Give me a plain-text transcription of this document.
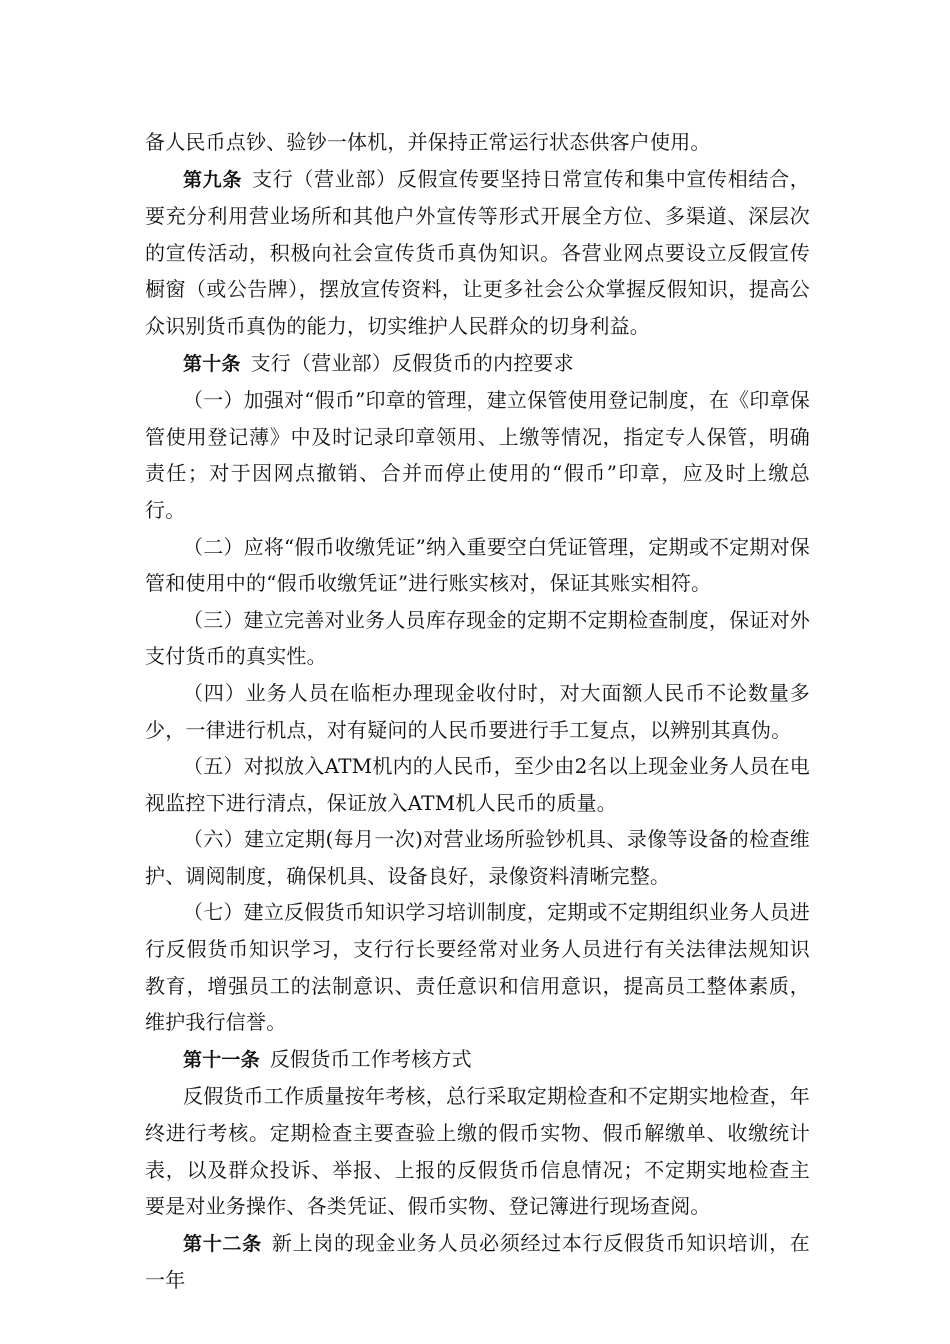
备人民币点钞、验钞一体机，并保持正常运行状态供客户使用。

第九条 支行（营业部）反假宣传要坚持日常宣传和集中宣传相结合，要充分利用营业场所和其他户外宣传等形式开展全方位、多渠道、深层次的宣传活动，积极向社会宣传货币真伪知识。各营业网点要设立反假宣传橱窗（或公告牌），摆放宣传资料，让更多社会公众掌握反假知识，提高公众识别货币真伪的能力，切实维护人民群众的切身利益。

第十条 支行（营业部）反假货币的内控要求

（一）加强对“假币”印章的管理，建立保管使用登记制度，在《印章保管使用登记薄》中及时记录印章领用、上缴等情况，指定专人保管，明确责任；对于因网点撤销、合并而停止使用的“假币”印章，应及时上缴总行。

（二）应将“假币收缴凭证”纳入重要空白凭证管理，定期或不定期对保管和使用中的“假币收缴凭证”进行账实核对，保证其账实相符。

（三）建立完善对业务人员库存现金的定期不定期检查制度，保证对外支付货币的真实性。

（四）业务人员在临柜办理现金收付时，对大面额人民币不论数量多少，一律进行机点，对有疑问的人民币要进行手工复点，以辨别其真伪。

（五）对拟放入ATM机内的人民币，至少由2名以上现金业务人员在电视监控下进行清点，保证放入ATM机人民币的质量。

（六）建立定期(每月一次)对营业场所验钞机具、录像等设备的检查维护、调阅制度，确保机具、设备良好，录像资料清晰完整。

（七）建立反假货币知识学习培训制度，定期或不定期组织业务人员进行反假货币知识学习，支行行长要经常对业务人员进行有关法律法规知识教育，增强员工的法制意识、责任意识和信用意识，提高员工整体素质，维护我行信誉。

第十一条 反假货币工作考核方式

反假货币工作质量按年考核，总行采取定期检查和不定期实地检查，年终进行考核。定期检查主要查验上缴的假币实物、假币解缴单、收缴统计表，以及群众投诉、举报、上报的反假货币信息情况；不定期实地检查主要是对业务操作、各类凭证、假币实物、登记簿进行现场查阅。

第十二条 新上岗的现金业务人员必须经过本行反假货币知识培训，在一年
